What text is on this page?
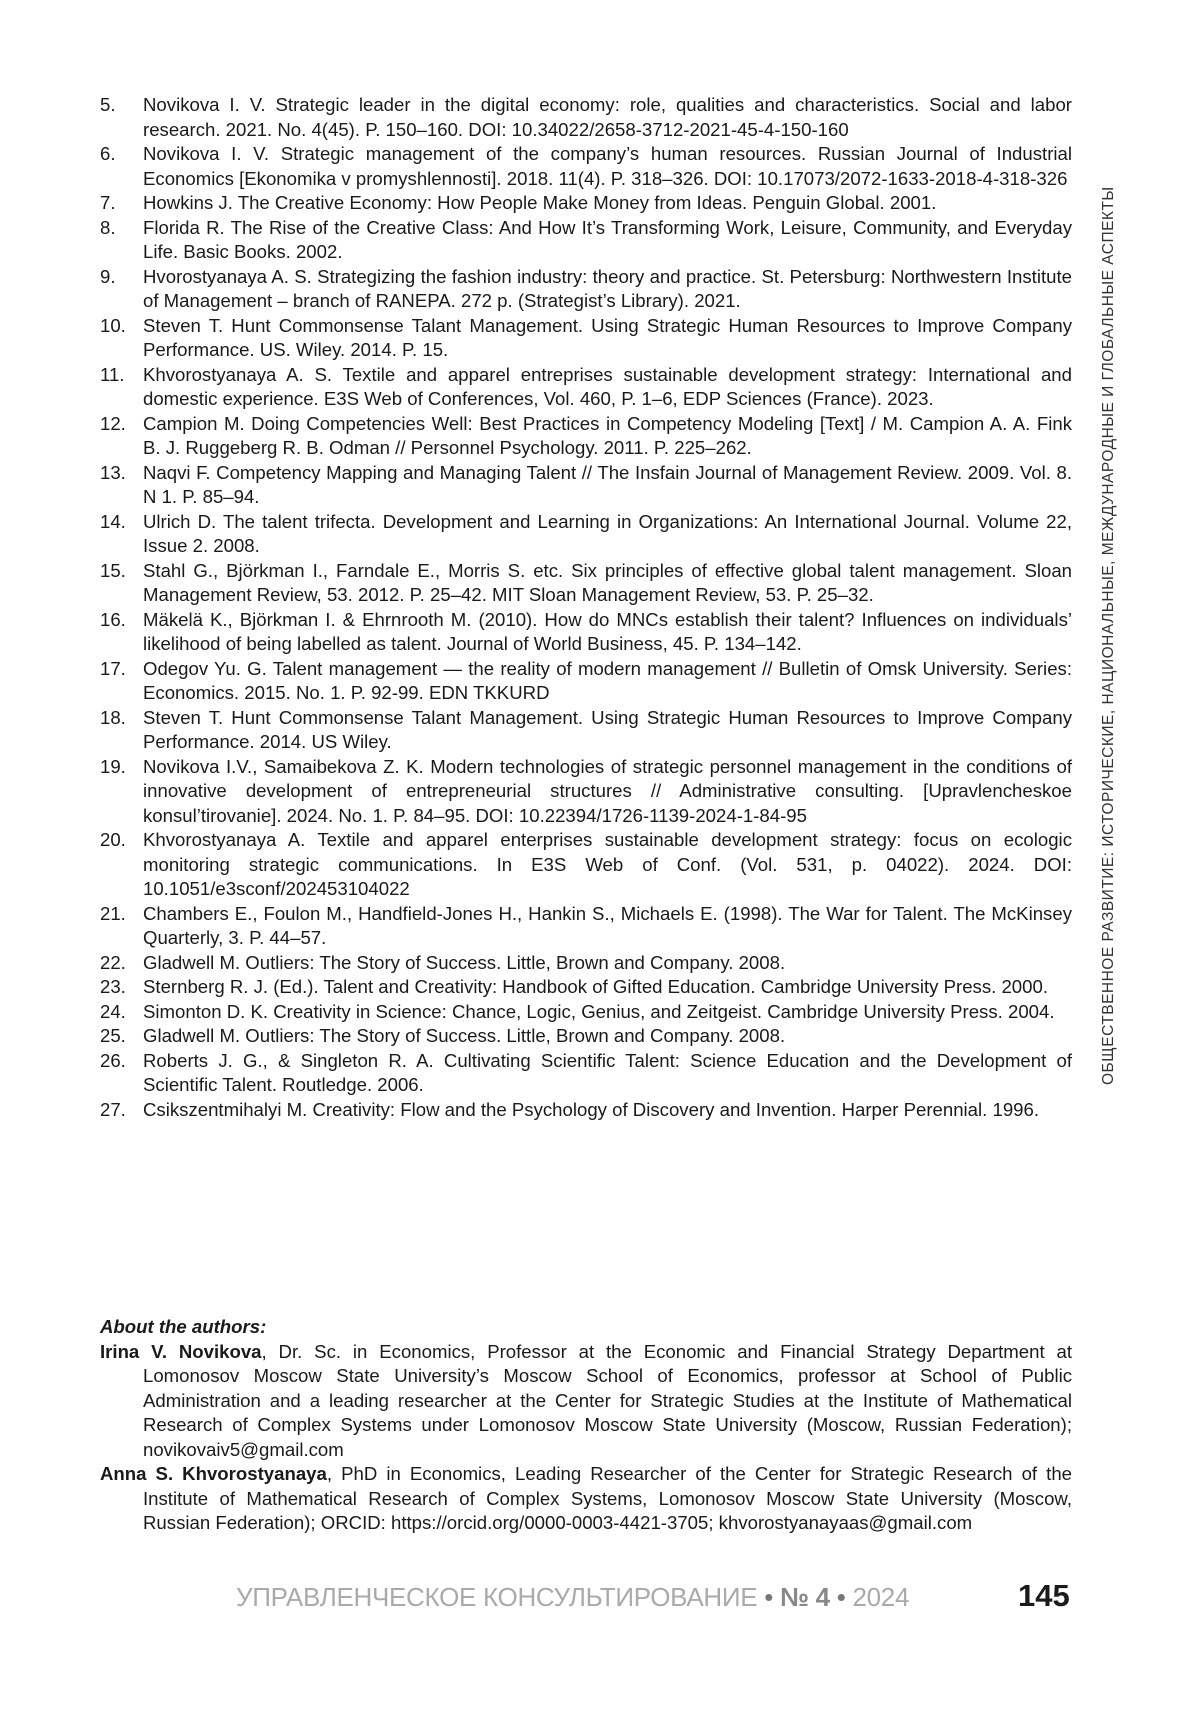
5.	Novikova I. V. Strategic leader in the digital economy: role, qualities and characteristics. Social and labor research. 2021. No. 4(45). P. 150–160. DOI: 10.34022/2658-3712-2021-45-4-150-160
6.	Novikova I. V. Strategic management of the company’s human resources. Russian Journal of Industrial Economics [Ekonomika v promyshlennosti]. 2018. 11(4). P. 318–326. DOI: 10.17073/2072-1633-2018-4-318-326
7.	Howkins J. The Creative Economy: How People Make Money from Ideas. Penguin Global. 2001.
8.	Florida R. The Rise of the Creative Class: And How It’s Transforming Work, Leisure, Community, and Everyday Life. Basic Books. 2002.
9.	Hvorostyanaya A. S. Strategizing the fashion industry: theory and practice. St. Petersburg: Northwestern Institute of Management – branch of RANEPA. 272 p. (Strategist’s Library). 2021.
10. Steven T. Hunt Commonsense Talant Management. Using Strategic Human Resources to Improve Company Performance. US. Wiley. 2014. P. 15.
11. Khvorostyanaya A. S. Textile and apparel entreprises sustainable development strategy: International and domestic experience. E3S Web of Conferences, Vol. 460, P. 1–6, EDP Sciences (France). 2023.
12. Campion M. Doing Competencies Well: Best Practices in Competency Modeling [Text] / M. Campion A. A. Fink B. J. Ruggeberg R. B. Odman // Personnel Psychology. 2011. P. 225–262.
13. Naqvi F. Competency Mapping and Managing Talent // The Insfain Journal of Management Review. 2009. Vol. 8. N 1. P. 85–94.
14. Ulrich D. The talent trifecta. Development and Learning in Organizations: An International Journal. Volume 22, Issue 2. 2008.
15. Stahl G., Björkman I., Farndale E., Morris S. etc. Six principles of effective global talent management. Sloan Management Review, 53. 2012. P. 25–42. MIT Sloan Management Review, 53. P. 25–32.
16. Mäkelä K., Björkman I. & Ehrnrooth M. (2010). How do MNCs establish their talent? Influences on individuals’ likelihood of being labelled as talent. Journal of World Business, 45. P. 134–142.
17. Odegov Yu. G. Talent management — the reality of modern management // Bulletin of Omsk University. Series: Economics. 2015. No. 1. P. 92-99. EDN TKKURD
18. Steven T. Hunt Commonsense Talant Management. Using Strategic Human Resources to Improve Company Performance. 2014. US Wiley.
19. Novikova I.V., Samaibekova Z. K. Modern technologies of strategic personnel management in the conditions of innovative development of entrepreneurial structures // Administrative consulting. [Upravlencheskoe konsul’tirovanie]. 2024. No. 1. P. 84–95. DOI: 10.22394/1726-1139-2024-1-84-95
20. Khvorostyanaya A. Textile and apparel enterprises sustainable development strategy: focus on ecologic monitoring strategic communications. In E3S Web of Conf. (Vol. 531, p. 04022). 2024. DOI: 10.1051/e3sconf/202453104022
21. Chambers E., Foulon M., Handfield-Jones H., Hankin S., Michaels E. (1998). The War for Talent. The McKinsey Quarterly, 3. P. 44–57.
22. Gladwell M. Outliers: The Story of Success. Little, Brown and Company. 2008.
23. Sternberg R. J. (Ed.). Talent and Creativity: Handbook of Gifted Education. Cambridge University Press. 2000.
24. Simonton D. K. Creativity in Science: Chance, Logic, Genius, and Zeitgeist. Cambridge University Press. 2004.
25. Gladwell M. Outliers: The Story of Success. Little, Brown and Company. 2008.
26. Roberts J. G., & Singleton R. A. Cultivating Scientific Talent: Science Education and the Development of Scientific Talent. Routledge. 2006.
27. Csikszentmihalyi M. Creativity: Flow and the Psychology of Discovery and Invention. Harper Perennial. 1996.
About the authors:
Irina V. Novikova, Dr. Sc. in Economics, Professor at the Economic and Financial Strategy Department at Lomonosov Moscow State University’s Moscow School of Economics, professor at School of Public Administration and a leading researcher at the Center for Strategic Studies at the Institute of Mathematical Research of Complex Systems under Lomonosov Moscow State University (Moscow, Russian Federation); novikovaiv5@gmail.com
Anna S. Khvorostyanaya, PhD in Economics, Leading Researcher of the Center for Strategic Research of the Institute of Mathematical Research of Complex Systems, Lomonosov Moscow State University (Moscow, Russian Federation); ORCID: https://orcid.org/0000-0003-4421-3705; khvorostyanayaas@gmail.com
ОБЩЕСТВЕННОЕ РАЗВИТИЕ: ИСТОРИЧЕСКИЕ, НАЦИОНАЛЬНЫЕ, МЕЖДУНАРОДНЫЕ И ГЛОБАЛЬНЫЕ АСПЕКТЫ
УПРАВЛЕНЧЕСКОЕ КОНСУЛЬТИРОВАНИЕ • № 4 • 2024	145
